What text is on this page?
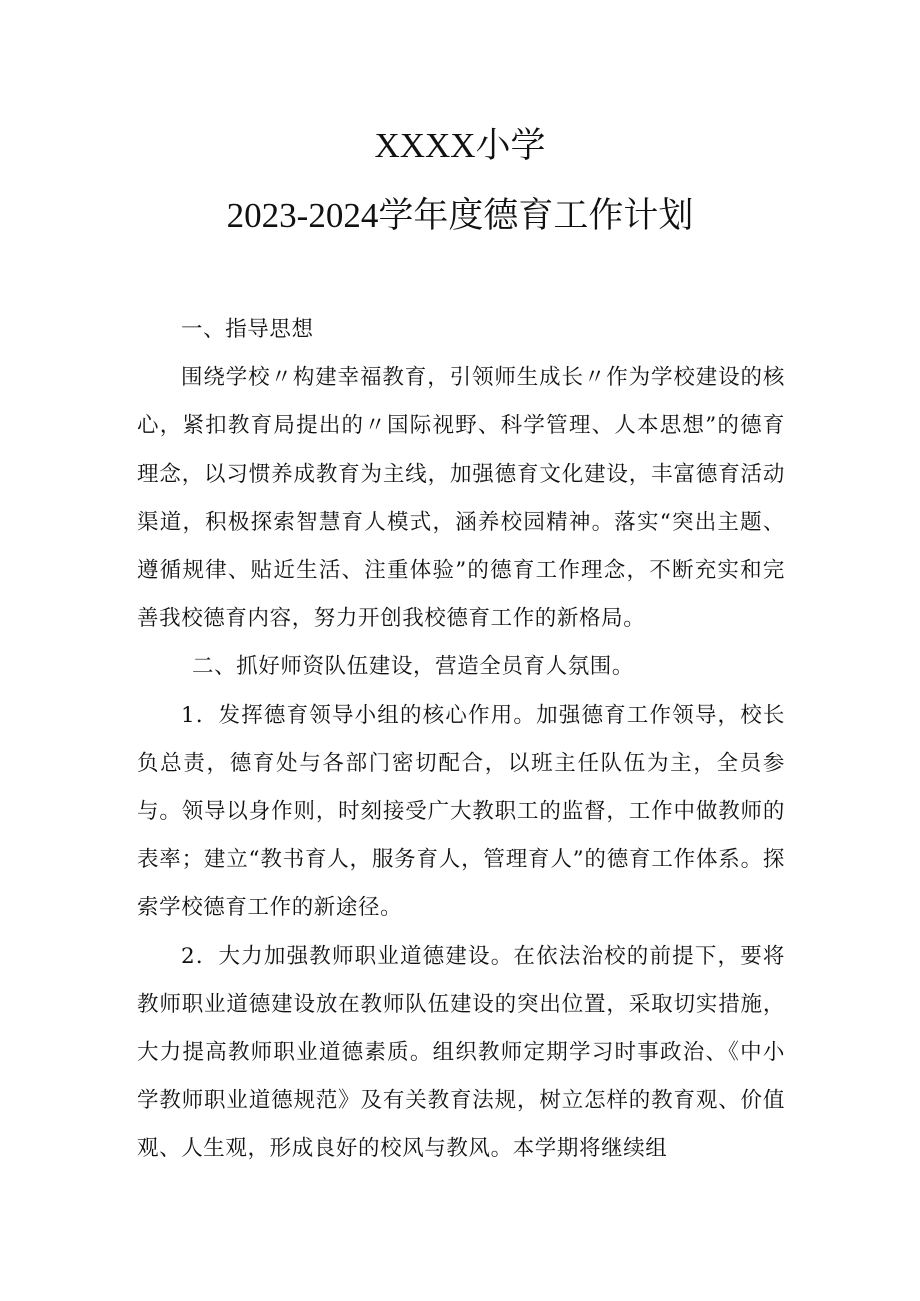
XXXX小学
2023-2024学年度德育工作计划

一、指导思想

围绕学校〃构建幸福教育，引领师生成长〃作为学校建设的核心，紧扣教育局提出的〃国际视野、科学管理、人本思想”的德育理念，以习惯养成教育为主线，加强德育文化建设，丰富德育活动渠道，积极探索智慧育人模式，涵养校园精神。落实“突出主题、遵循规律、贴近生活、注重体验”的德育工作理念，不断充实和完善我校德育内容，努力开创我校德育工作的新格局。

二、抓好师资队伍建设，营造全员育人氛围。

1．发挥德育领导小组的核心作用。加强德育工作领导，校长负总责，德育处与各部门密切配合，以班主任队伍为主，全员参与。领导以身作则，时刻接受广大教职工的监督，工作中做教师的表率；建立“教书育人，服务育人，管理育人”的德育工作体系。探索学校德育工作的新途径。

2．大力加强教师职业道德建设。在依法治校的前提下，要将教师职业道德建设放在教师队伍建设的突出位置，采取切实措施，大力提高教师职业道德素质。组织教师定期学习时事政治、《中小学教师职业道德规范》及有关教育法规，树立怎样的教育观、价值观、人生观，形成良好的校风与教风。本学期将继续组
